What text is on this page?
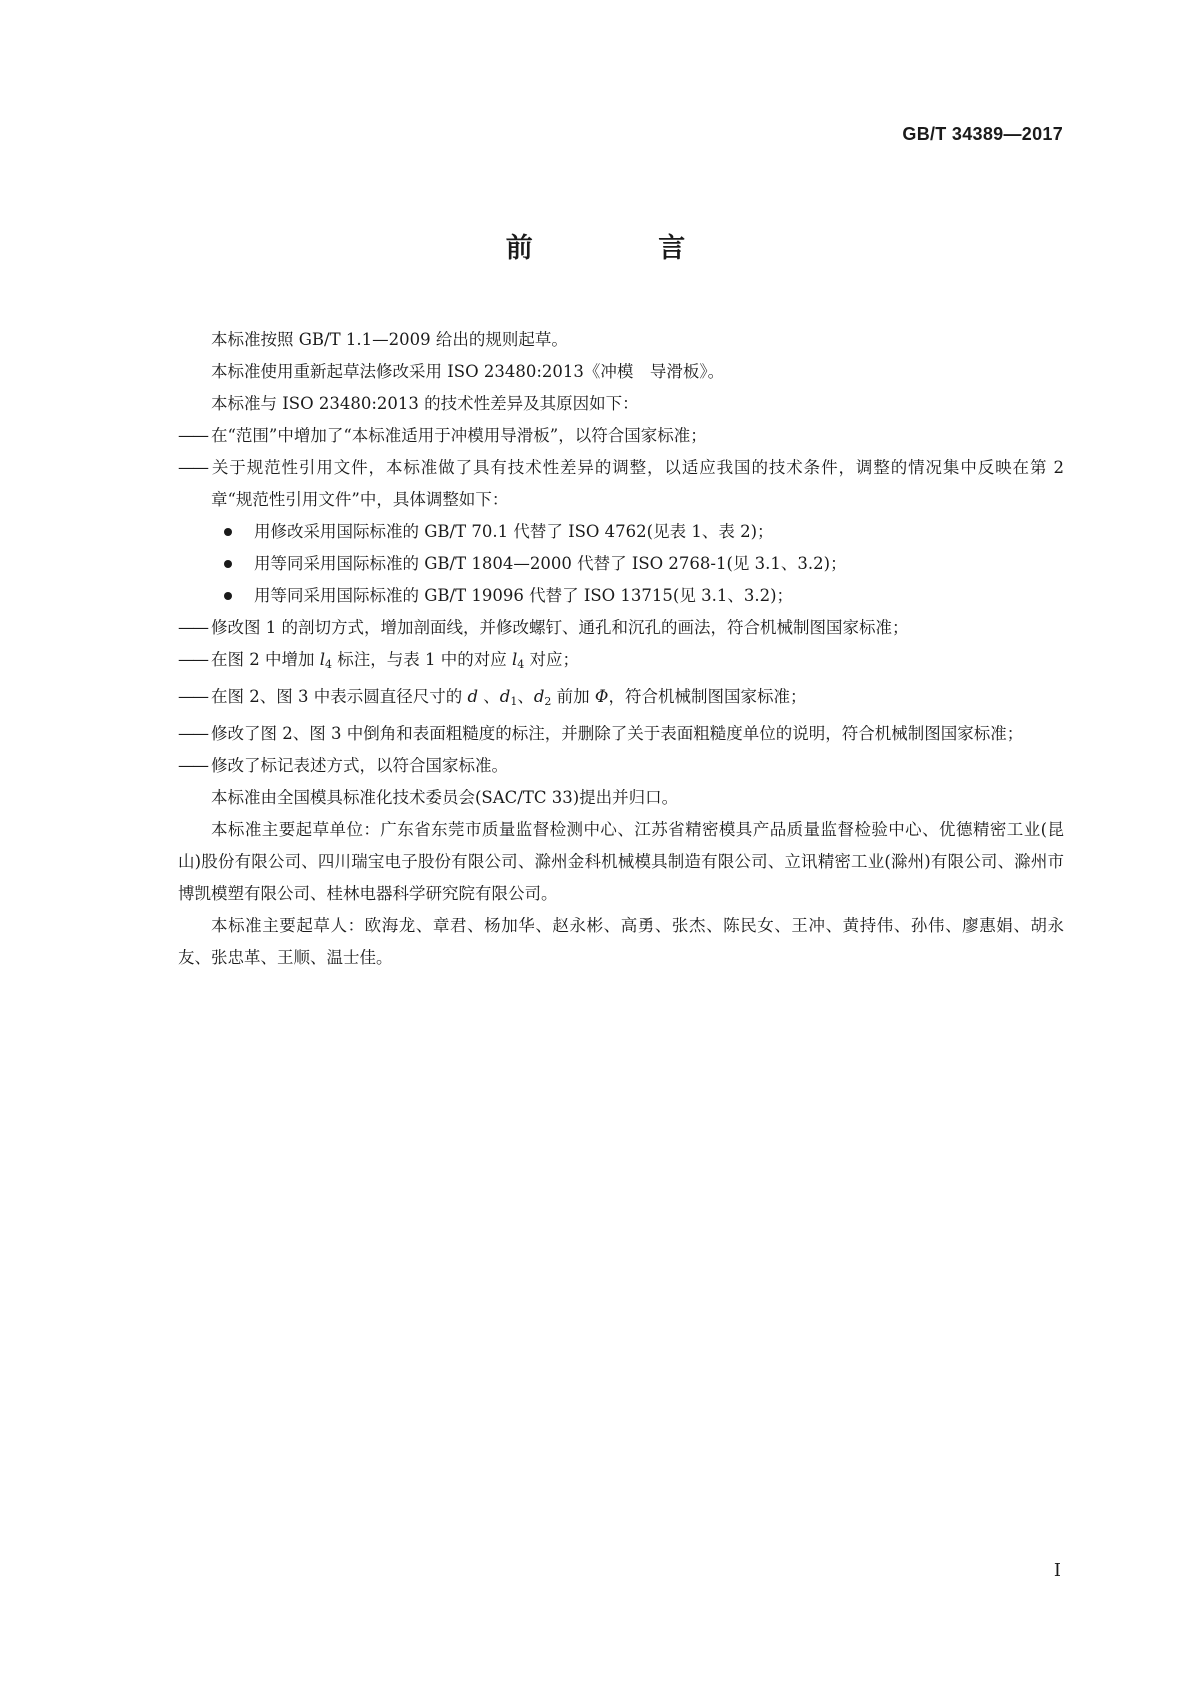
GB/T 34389—2017
前 言

本标准按照 GB/T 1.1—2009 给出的规则起草。

本标准使用重新起草法修改采用 ISO 23480:2013《冲模　导滑板》。

本标准与 ISO 23480:2013 的技术性差异及其原因如下：

—— 在“范围”中增加了“本标准适用于冲模用导滑板”，以符合国家标准；

—— 关于规范性引用文件，本标准做了具有技术性差异的调整，以适应我国的技术条件，调整的情况集中反映在第 2 章“规范性引用文件”中，具体调整如下：

用修改采用国际标准的 GB/T 70.1 代替了 ISO 4762(见表 1、表 2)；

用等同采用国际标准的 GB/T 1804—2000 代替了 ISO 2768-1(见 3.1、3.2)；

用等同采用国际标准的 GB/T 19096 代替了 ISO 13715(见 3.1、3.2)；

—— 修改图 1 的剖切方式，增加剖面线，并修改螺钉、通孔和沉孔的画法，符合机械制图国家标准；

—— 在图 2 中增加 $l_4$ 标注，与表 1 中的对应 $l_4$ 对应；

—— 在图 2、图 3 中表示圆直径尺寸的 d 、$d_1$、$d_2$ 前加 Φ，符合机械制图国家标准；

—— 修改了图 2、图 3 中倒角和表面粗糙度的标注，并删除了关于表面粗糙度单位的说明，符合机械制图国家标准；

—— 修改了标记表述方式，以符合国家标准。

本标准由全国模具标准化技术委员会(SAC/TC 33)提出并归口。

本标准主要起草单位：广东省东莞市质量监督检测中心、江苏省精密模具产品质量监督检验中心、优德精密工业(昆山)股份有限公司、四川瑞宝电子股份有限公司、滁州金科机械模具制造有限公司、立讯精密工业(滁州)有限公司、滁州市博凯模塑有限公司、桂林电器科学研究院有限公司。

本标准主要起草人：欧海龙、章君、杨加华、赵永彬、高勇、张杰、陈民女、王冲、黄持伟、孙伟、廖惠娟、胡永友、张忠革、王顺、温士佳。

I
